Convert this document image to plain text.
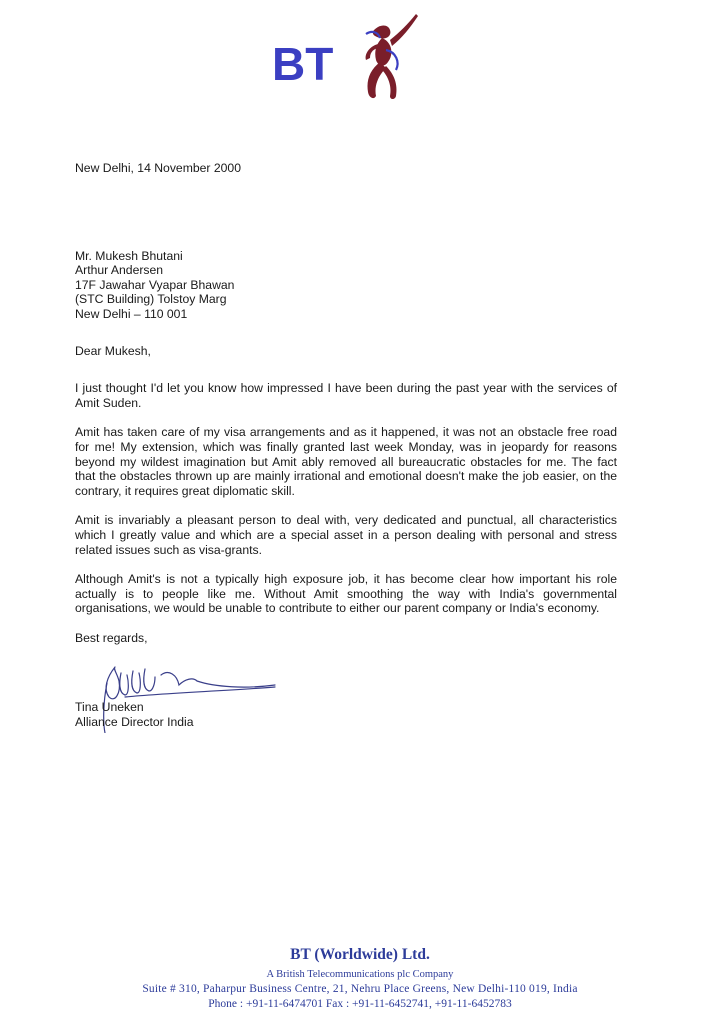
BT
New Delhi, 14 November 2000
Mr. Mukesh Bhutani
Arthur Andersen
17F Jawahar Vyapar Bhawan
(STC Building) Tolstoy Marg
New Delhi – 110 001
Dear Mukesh,

I just thought I'd let you know how impressed I have been during the past year with the services of Amit Suden.

Amit has taken care of my visa arrangements and as it happened, it was not an obstacle free road for me! My extension, which was finally granted last week Monday, was in jeopardy for reasons beyond my wildest imagination but Amit ably removed all bureaucratic obstacles for me. The fact that the obstacles thrown up are mainly irrational and emotional doesn't make the job easier, on the contrary, it requires great diplomatic skill.

Amit is invariably a pleasant person to deal with, very dedicated and punctual, all characteristics which I greatly value and which are a special asset in a person dealing with personal and stress related issues such as visa-grants.

Although Amit's is not a typically high exposure job, it has become clear how important his role actually is to people like me. Without Amit smoothing the way with India's governmental organisations, we would be unable to contribute to either our parent company or India's economy.

Best regards,
Tina Uneken
Alliance Director India
BT (Worldwide) Ltd.
A British Telecommunications plc Company
Suite # 310, Paharpur Business Centre, 21, Nehru Place Greens, New Delhi-110 019, India
Phone : +91-11-6474701 Fax : +91-11-6452741, +91-11-6452783
